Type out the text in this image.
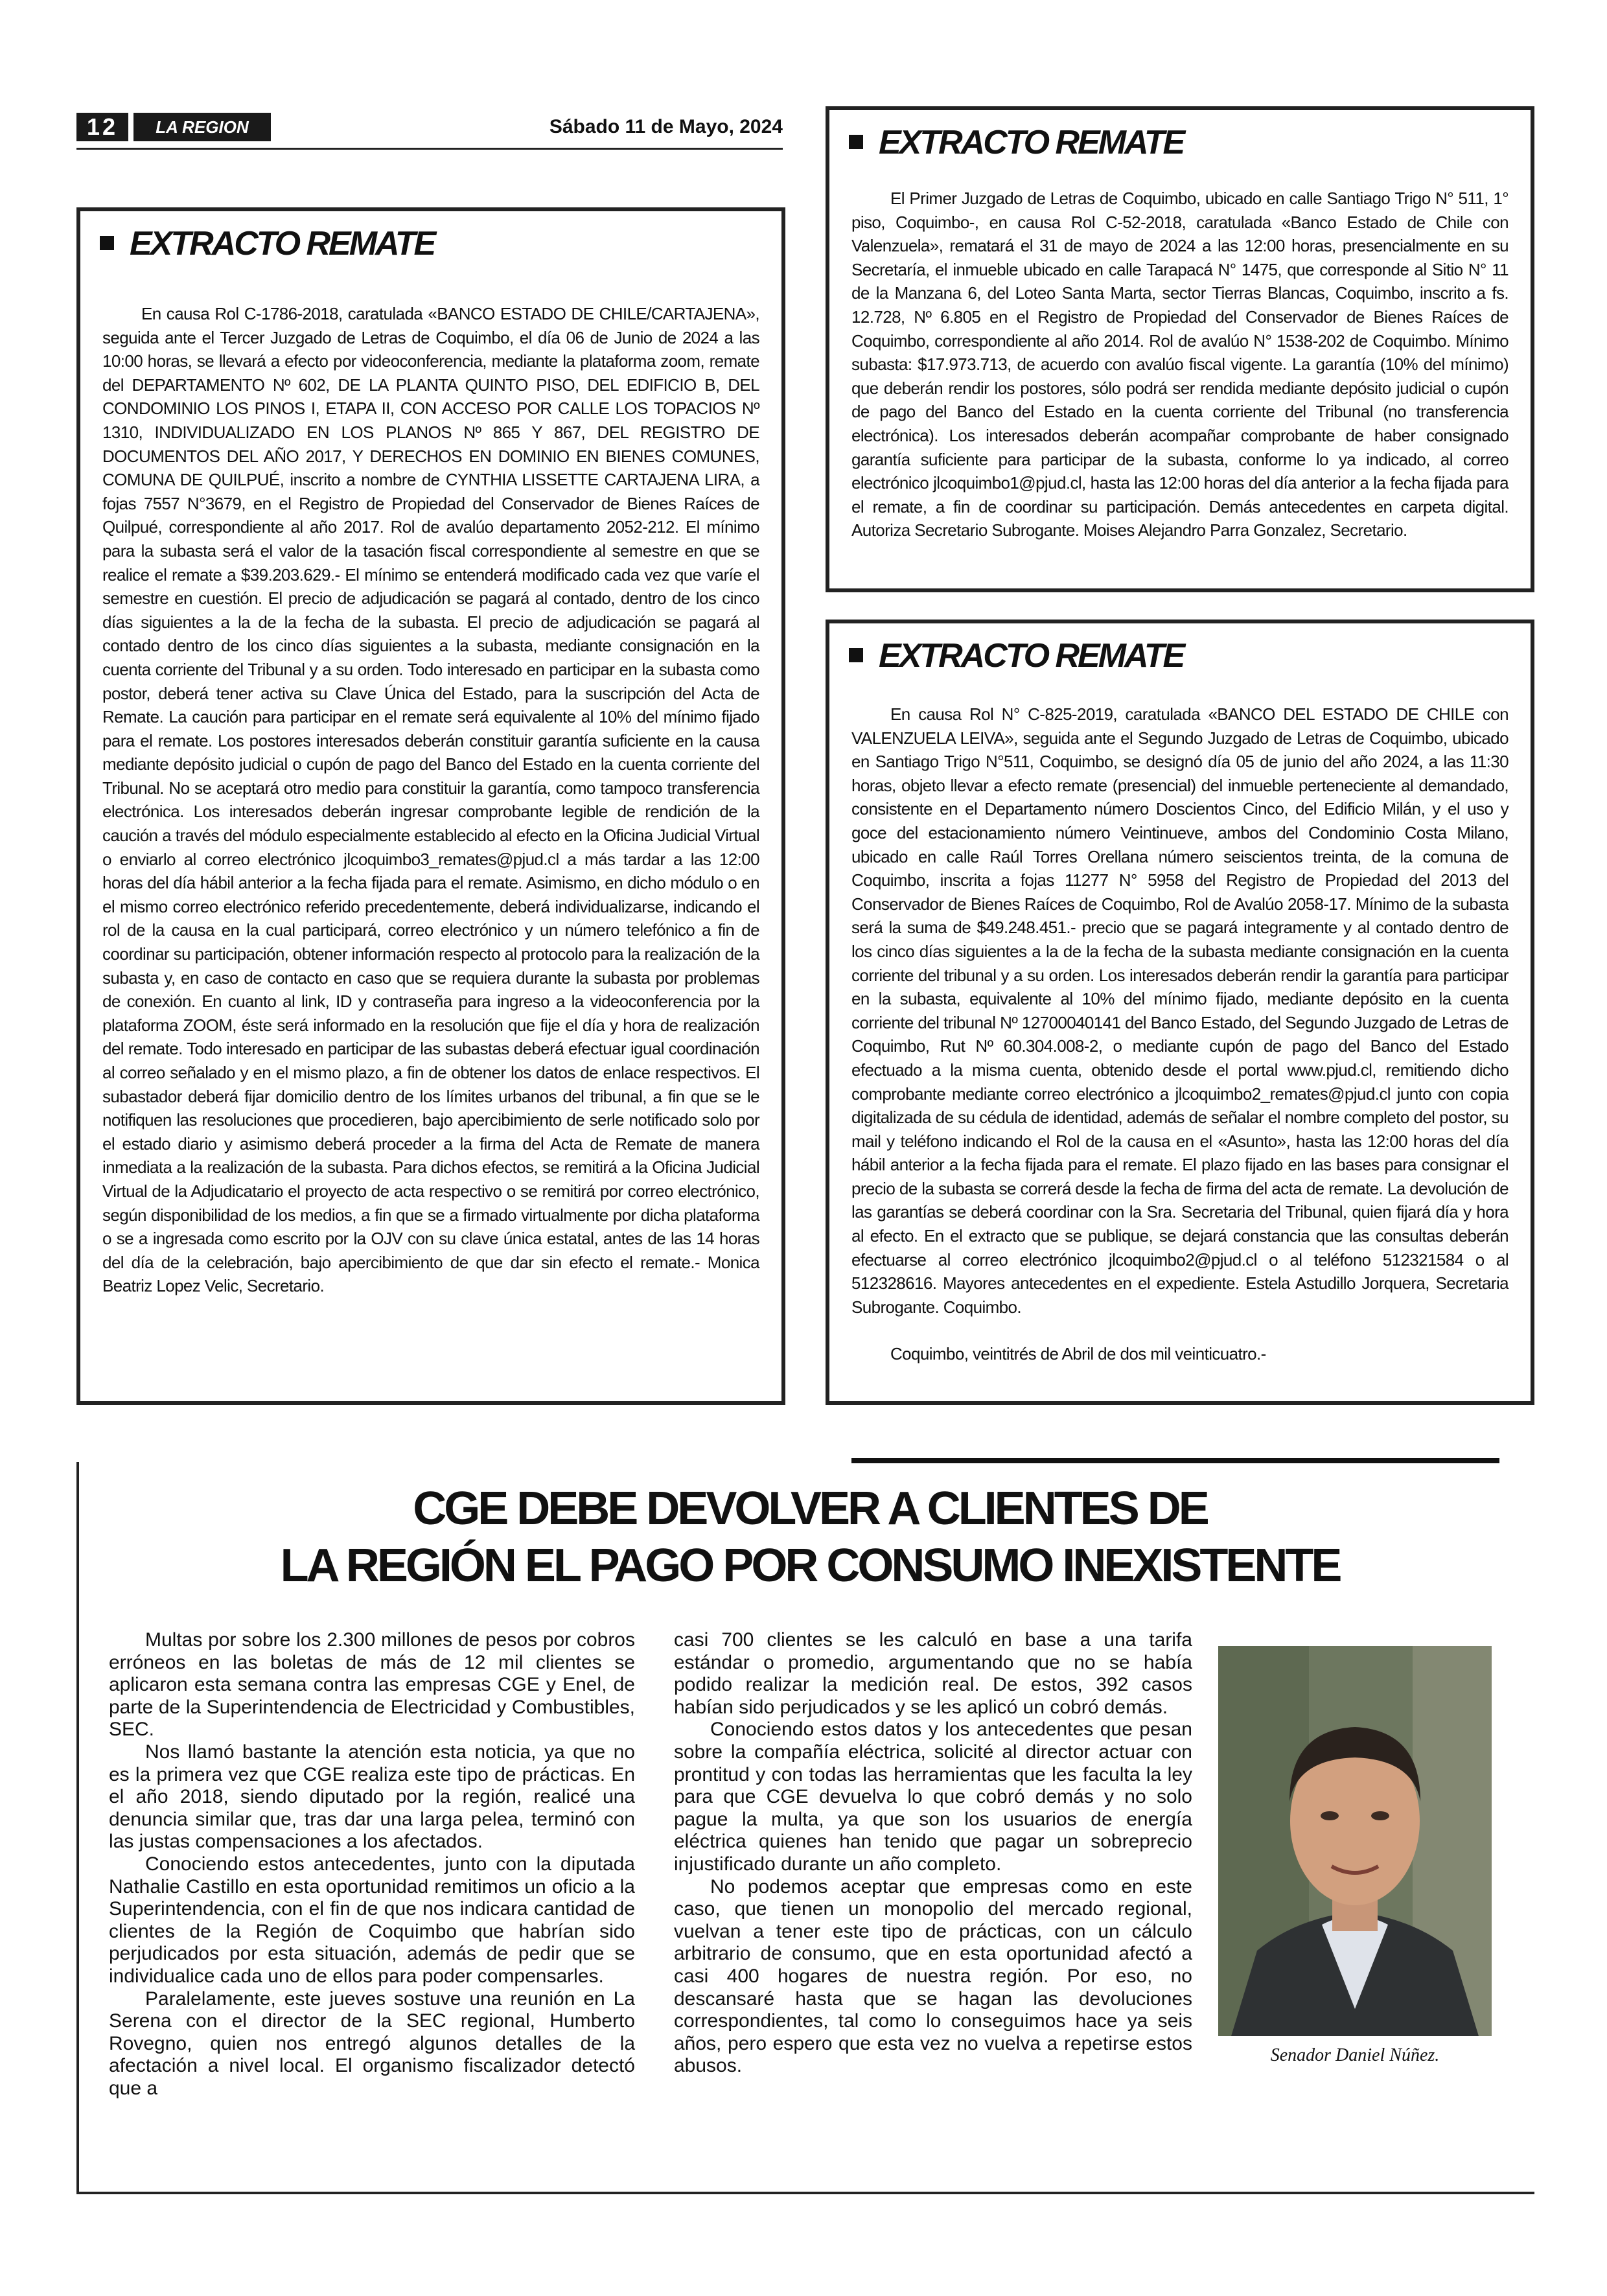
12	LA REGION	Sábado 11 de Mayo, 2024
EXTRACTO REMATE

En causa Rol C-1786-2018, caratulada «BANCO ESTADO DE CHILE/CARTAJENA», seguida ante el Tercer Juzgado de Letras de Coquimbo, el día 06 de Junio de 2024 a las 10:00 horas, se llevará a efecto por videoconferencia, mediante la plataforma zoom, remate del DEPARTAMENTO Nº 602, DE LA PLANTA QUINTO PISO, DEL EDIFICIO B, DEL CONDOMINIO LOS PINOS I, ETAPA II, CON ACCESO POR CALLE LOS TOPACIOS Nº 1310, INDIVIDUALIZADO EN LOS PLANOS Nº 865 Y 867, DEL REGISTRO DE DOCUMENTOS DEL AÑO 2017, Y DERECHOS EN DOMINIO EN BIENES COMUNES, COMUNA DE QUILPUÉ, inscrito a nombre de CYNTHIA LISSETTE CARTAJENA LIRA, a fojas 7557 N°3679, en el Registro de Propiedad del Conservador de Bienes Raíces de Quilpué, correspondiente al año 2017. Rol de avalúo departamento 2052-212. El mínimo para la subasta será el valor de la tasación fiscal correspondiente al semestre en que se realice el remate a $39.203.629.- El mínimo se entenderá modificado cada vez que varíe el semestre en cuestión. El precio de adjudicación se pagará al contado, dentro de los cinco días siguientes a la de la fecha de la subasta. El precio de adjudicación se pagará al contado dentro de los cinco días siguientes a la subasta, mediante consignación en la cuenta corriente del Tribunal y a su orden. Todo interesado en participar en la subasta como postor, deberá tener activa su Clave Única del Estado, para la suscripción del Acta de Remate. La caución para participar en el remate será equivalente al 10% del mínimo fijado para el remate. Los postores interesados deberán constituir garantía suficiente en la causa mediante depósito judicial o cupón de pago del Banco del Estado en la cuenta corriente del Tribunal. No se aceptará otro medio para constituir la garantía, como tampoco transferencia electrónica. Los interesados deberán ingresar comprobante legible de rendición de la caución a través del módulo especialmente establecido al efecto en la Oficina Judicial Virtual o enviarlo al correo electrónico jlcoquimbo3_remates@pjud.cl a más tardar a las 12:00 horas del día hábil anterior a la fecha fijada para el remate. Asimismo, en dicho módulo o en el mismo correo electrónico referido precedentemente, deberá individualizarse, indicando el rol de la causa en la cual participará, correo electrónico y un número telefónico a fin de coordinar su participación, obtener información respecto al protocolo para la realización de la subasta y, en caso de contacto en caso que se requiera durante la subasta por problemas de conexión. En cuanto al link, ID y contraseña para ingreso a la videoconferencia por la plataforma ZOOM, éste será informado en la resolución que fije el día y hora de realización del remate. Todo interesado en participar de las subastas deberá efectuar igual coordinación al correo señalado y en el mismo plazo, a fin de obtener los datos de enlace respectivos. El subastador deberá fijar domicilio dentro de los límites urbanos del tribunal, a fin que se le notifiquen las resoluciones que procedieren, bajo apercibimiento de serle notificado solo por el estado diario y asimismo deberá proceder a la firma del Acta de Remate de manera inmediata a la realización de la subasta. Para dichos efectos, se remitirá a la Oficina Judicial Virtual de la Adjudicatario el proyecto de acta respectivo o se remitirá por correo electrónico, según disponibilidad de los medios, a fin que se a firmado virtualmente por dicha plataforma o se a ingresada como escrito por la OJV con su clave única estatal, antes de las 14 horas del día de la celebración, bajo apercibimiento de que dar sin efecto el remate.- Monica Beatriz Lopez Velic, Secretario.

EXTRACTO REMATE

El Primer Juzgado de Letras de Coquimbo, ubicado en calle Santiago Trigo N° 511, 1° piso, Coquimbo-, en causa Rol C-52-2018, caratulada «Banco Estado de Chile con Valenzuela», rematará el 31 de mayo de 2024 a las 12:00 horas, presencialmente en su Secretaría, el inmueble ubicado en calle Tarapacá N° 1475, que corresponde al Sitio N° 11 de la Manzana 6, del Loteo Santa Marta, sector Tierras Blancas, Coquimbo, inscrito a fs. 12.728, Nº 6.805 en el Registro de Propiedad del Conservador de Bienes Raíces de Coquimbo, correspondiente al año 2014. Rol de avalúo N° 1538-202 de Coquimbo. Mínimo subasta: $17.973.713, de acuerdo con avalúo fiscal vigente. La garantía (10% del mínimo) que deberán rendir los postores, sólo podrá ser rendida mediante depósito judicial o cupón de pago del Banco del Estado en la cuenta corriente del Tribunal (no transferencia electrónica). Los interesados deberán acompañar comprobante de haber consignado garantía suficiente para participar de la subasta, conforme lo ya indicado, al correo electrónico jlcoquimbo1@pjud.cl, hasta las 12:00 horas del día anterior a la fecha fijada para el remate, a fin de coordinar su participación. Demás antecedentes en carpeta digital. Autoriza Secretario Subrogante. Moises Alejandro Parra Gonzalez, Secretario.

EXTRACTO REMATE

En causa Rol N° C-825-2019, caratulada «BANCO DEL ESTADO DE CHILE con VALENZUELA LEIVA», seguida ante el Segundo Juzgado de Letras de Coquimbo, ubicado en Santiago Trigo N°511, Coquimbo, se designó día 05 de junio del año 2024, a las 11:30 horas, objeto llevar a efecto remate (presencial) del inmueble perteneciente al demandado, consistente en el Departamento número Doscientos Cinco, del Edificio Milán, y el uso y goce del estacionamiento número Veintinueve, ambos del Condominio Costa Milano, ubicado en calle Raúl Torres Orellana número seiscientos treinta, de la comuna de Coquimbo, inscrita a fojas 11277 N° 5958 del Registro de Propiedad del 2013 del Conservador de Bienes Raíces de Coquimbo, Rol de Avalúo 2058-17. Mínimo de la subasta será la suma de $49.248.451.- precio que se pagará integramente y al contado dentro de los cinco días siguientes a la de la fecha de la subasta mediante consignación en la cuenta corriente del tribunal y a su orden. Los interesados deberán rendir la garantía para participar en la subasta, equivalente al 10% del mínimo fijado, mediante depósito en la cuenta corriente del tribunal Nº 12700040141 del Banco Estado, del Segundo Juzgado de Letras de Coquimbo, Rut Nº 60.304.008-2, o mediante cupón de pago del Banco del Estado efectuado a la misma cuenta, obtenido desde el portal www.pjud.cl, remitiendo dicho comprobante mediante correo electrónico a jlcoquimbo2_remates@pjud.cl junto con copia digitalizada de su cédula de identidad, además de señalar el nombre completo del postor, su mail y teléfono indicando el Rol de la causa en el «Asunto», hasta las 12:00 horas del día hábil anterior a la fecha fijada para el remate. El plazo fijado en las bases para consignar el precio de la subasta se correrá desde la fecha de firma del acta de remate. La devolución de las garantías se deberá coordinar con la Sra. Secretaria del Tribunal, quien fijará día y hora al efecto. En el extracto que se publique, se dejará constancia que las consultas deberán efectuarse al correo electrónico jlcoquimbo2@pjud.cl o al teléfono 512321584 o al 512328616. Mayores antecedentes en el expediente. Estela Astudillo Jorquera, Secretaria Subrogante. Coquimbo.

Coquimbo, veintitrés de Abril de dos mil veinticuatro.-

CGE DEBE DEVOLVER A CLIENTES DE
LA REGIÓN EL PAGO POR CONSUMO INEXISTENTE

Multas por sobre los 2.300 millones de pesos por cobros erróneos en las boletas de más de 12 mil clientes se aplicaron esta semana contra las empresas CGE y Enel, de parte de la Superintendencia de Electricidad y Combustibles, SEC.

Nos llamó bastante la atención esta noticia, ya que no es la primera vez que CGE realiza este tipo de prácticas. En el año 2018, siendo diputado por la región, realicé una denuncia similar que, tras dar una larga pelea, terminó con las justas compensaciones a los afectados.

Conociendo estos antecedentes, junto con la diputada Nathalie Castillo en esta oportunidad remitimos un oficio a la Superintendencia, con el fin de que nos indicara cantidad de clientes de la Región de Coquimbo que habrían sido perjudicados por esta situación, además de pedir que se individualice cada uno de ellos para poder compensarles.

Paralelamente, este jueves sostuve una reunión en La Serena con el director de la SEC regional, Humberto Rovegno, quien nos entregó algunos detalles de la afectación a nivel local. El organismo fiscalizador detectó que a

casi 700 clientes se les calculó en base a una tarifa estándar o promedio, argumentando que no se había podido realizar la medición real. De estos, 392 casos habían sido perjudicados y se les aplicó un cobró demás.

Conociendo estos datos y los antecedentes que pesan sobre la compañía eléctrica, solicité al director actuar con prontitud y con todas las herramientas que les faculta la ley para que CGE devuelva lo que cobró demás y no solo pague la multa, ya que son los usuarios de energía eléctrica quienes han tenido que pagar un sobreprecio injustificado durante un año completo.

No podemos aceptar que empresas como en este caso, que tienen un monopolio del mercado regional, vuelvan a tener este tipo de prácticas, con un cálculo arbitrario de consumo, que en esta oportunidad afectó a casi 400 hogares de nuestra región. Por eso, no descansaré hasta que se hagan las devoluciones correspondientes, tal como lo conseguimos hace ya seis años, pero espero que esta vez no vuelva a repetirse estos abusos.	Senador Daniel Núñez.
